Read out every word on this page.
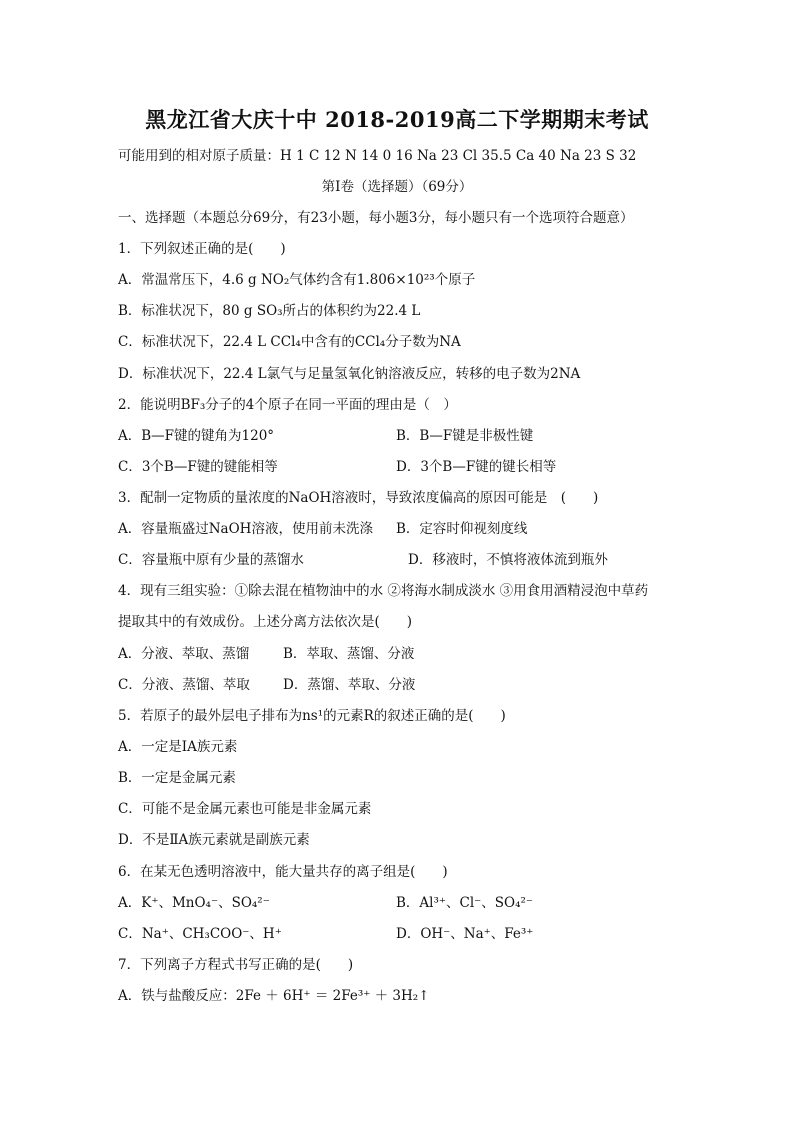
黑龙江省大庆十中 2018-2019高二下学期期末考试
可能用到的相对原子质量：H 1 C 12 N 14 0 16 Na 23 Cl 35.5 Ca 40 Na 23 S 32
第Ⅰ卷（选择题）（69分）
一、选择题（本题总分69分，有23小题，每小题3分，每小题只有一个选项符合题意）
1．下列叙述正确的是(　　)
A．常温常压下，4.6 g NO₂气体约含有1.806×10²³个原子
B．标准状况下，80 g SO₃所占的体积约为22.4 L
C．标准状况下，22.4 L CCl₄中含有的CCl₄分子数为NA
D．标准状况下，22.4 L氯气与足量氢氧化钠溶液反应，转移的电子数为2NA
2．能说明BF₃分子的4个原子在同一平面的理由是（　）
A．B—F键的键角为120°	B．B—F键是非极性键
C．3个B—F键的键能相等	D．3个B—F键的键长相等
3．配制一定物质的量浓度的NaOH溶液时，导致浓度偏高的原因可能是　(　　)
A．容量瓶盛过NaOH溶液，使用前未洗涤 B．定容时仰视刻度线
C．容量瓶中原有少量的蒸馏水	D．移液时，不慎将液体流到瓶外
4．现有三组实验：①除去混在植物油中的水 ②将海水制成淡水 ③用食用酒精浸泡中草药
提取其中的有效成份。上述分离方法依次是(　　)
A．分液、萃取、蒸馏	B．萃取、蒸馏、分液
C．分液、蒸馏、萃取 D．蒸馏、萃取、分液
5．若原子的最外层电子排布为ns¹的元素R的叙述正确的是(　　)
A．一定是ⅠA族元素
B．一定是金属元素
C．可能不是金属元素也可能是非金属元素
D．不是ⅡA族元素就是副族元素
6．在某无色透明溶液中，能大量共存的离子组是(　　)
A．K⁺、MnO₄⁻、SO₄²⁻	B．Al³⁺、Cl⁻、SO₄²⁻
C．Na⁺、CH₃COO⁻、H⁺	D．OH⁻、Na⁺、Fe³⁺
7．下列离子方程式书写正确的是(　　)
A．铁与盐酸反应：2Fe ＋ 6H⁺ ＝ 2Fe³⁺ ＋ 3H₂↑
